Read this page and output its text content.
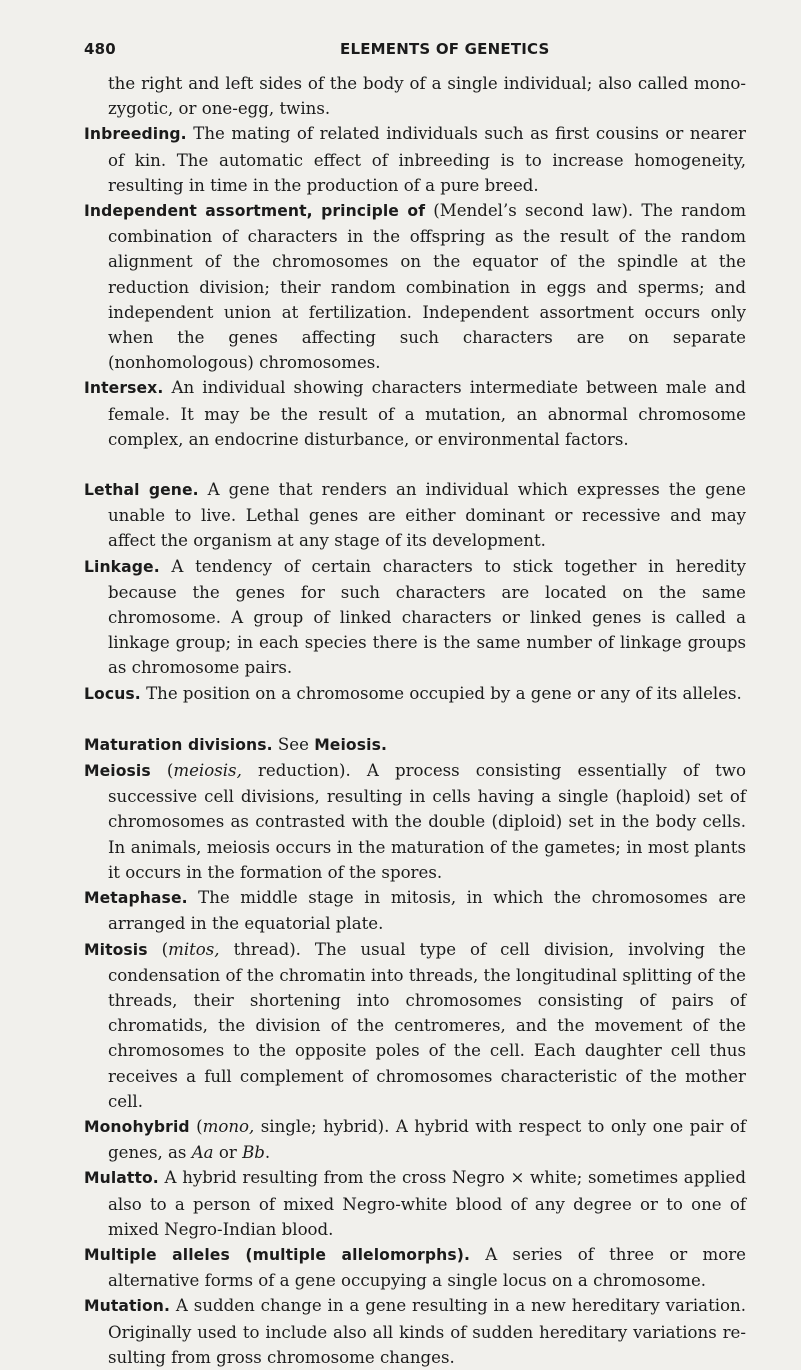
480	ELEMENTS OF GENETICS

the right and left sides of the body of a single individual; also called monozygotic, or one-egg, twins.

Inbreeding. The mating of related individuals such as first cousins or nearer of kin. The automatic effect of inbreeding is to increase homogeneity, resulting in time in the production of a pure breed.

Independent assortment, principle of (Mendel’s second law). The random combination of characters in the offspring as the result of the random alignment of the chromosomes on the equator of the spindle at the reduction division; their random combination in eggs and sperms; and independent union at fertilization. Independent assortment occurs only when the genes affecting such characters are on separate (nonhomologous) chromosomes.

Intersex. An individual showing characters intermediate between male and female. It may be the result of a mutation, an abnormal chromosome complex, an endocrine disturbance, or environmental factors.

Lethal gene. A gene that renders an individual which expresses the gene unable to live. Lethal genes are either dominant or recessive and may affect the organism at any stage of its development.

Linkage. A tendency of certain characters to stick together in heredity because the genes for such characters are located on the same chromosome. A group of linked characters or linked genes is called a linkage group; in each species there is the same number of linkage groups as chromosome pairs.

Locus. The position on a chromosome occupied by a gene or any of its alleles.

Maturation divisions. See Meiosis.

Meiosis (meiosis, reduction). A process consisting essentially of two successive cell divisions, resulting in cells having a single (haploid) set of chromosomes as contrasted with the double (diploid) set in the body cells. In animals, meiosis occurs in the maturation of the gametes; in most plants it occurs in the formation of the spores.

Metaphase. The middle stage in mitosis, in which the chromosomes are arranged in the equatorial plate.

Mitosis (mitos, thread). The usual type of cell division, involving the condensation of the chromatin into threads, the longitudinal splitting of the threads, their shortening into chromosomes consisting of pairs of chromatids, the division of the centromeres, and the movement of the chromosomes to the opposite poles of the cell. Each daughter cell thus receives a full complement of chromosomes characteristic of the mother cell.

Monohybrid (mono, single; hybrid). A hybrid with respect to only one pair of genes, as Aa or Bb.

Mulatto. A hybrid resulting from the cross Negro × white; sometimes applied also to a person of mixed Negro-white blood of any degree or to one of mixed Negro-Indian blood.

Multiple alleles (multiple allelomorphs). A series of three or more alternative forms of a gene occupying a single locus on a chromosome.

Mutation. A sudden change in a gene resulting in a new hereditary variation. Originally used to include also all kinds of sudden hereditary variations resulting from gross chromosome changes.
